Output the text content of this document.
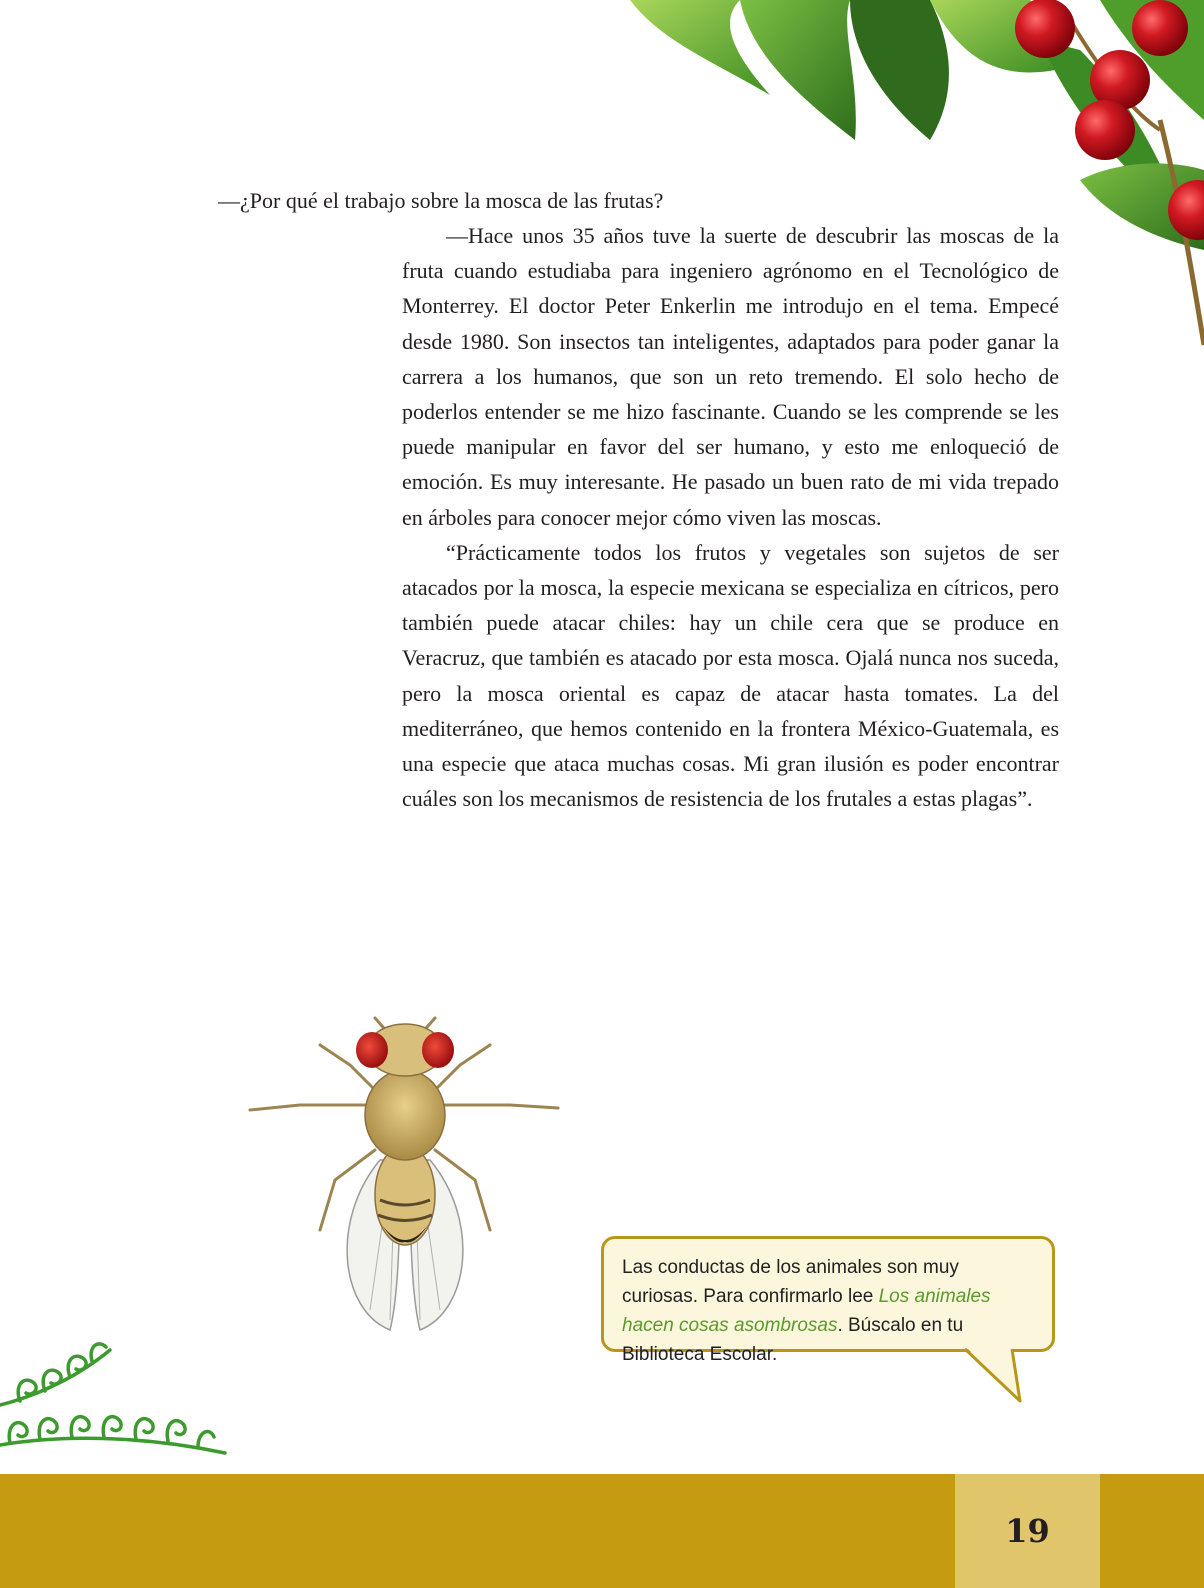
—¿Por qué el trabajo sobre la mosca de las frutas?

—Hace unos 35 años tuve la suerte de descubrir las moscas de la fruta cuando estudiaba para ingeniero agrónomo en el Tecnológico de Monterrey. El doctor Peter Enkerlin me introdujo en el tema. Empecé desde 1980. Son insectos tan inteligentes, adaptados para poder ganar la carrera a los humanos, que son un reto tremendo. El solo hecho de poderlos entender se me hizo fascinante. Cuando se les comprende se les puede manipular en favor del ser humano, y esto me enloqueció de emoción. Es muy interesante. He pasado un buen rato de mi vida trepado en árboles para conocer mejor cómo viven las moscas.

“Prácticamente todos los frutos y vegetales son sujetos de ser atacados por la mosca, la especie mexicana se especializa en cítricos, pero también puede atacar chiles: hay un chile cera que se produce en Veracruz, que también es atacado por esta mosca. Ojalá nunca nos suceda, pero la mosca oriental es capaz de atacar hasta tomates. La del mediterráneo, que hemos contenido en la frontera México-Guatemala, es una especie que ataca muchas cosas. Mi gran ilusión es poder encontrar cuáles son los mecanismos de resistencia de los frutales a estas plagas”.

Las conductas de los animales son muy curiosas. Para confirmarlo lee Los animales hacen cosas asombrosas. Búscalo en tu Biblioteca Escolar.
19
